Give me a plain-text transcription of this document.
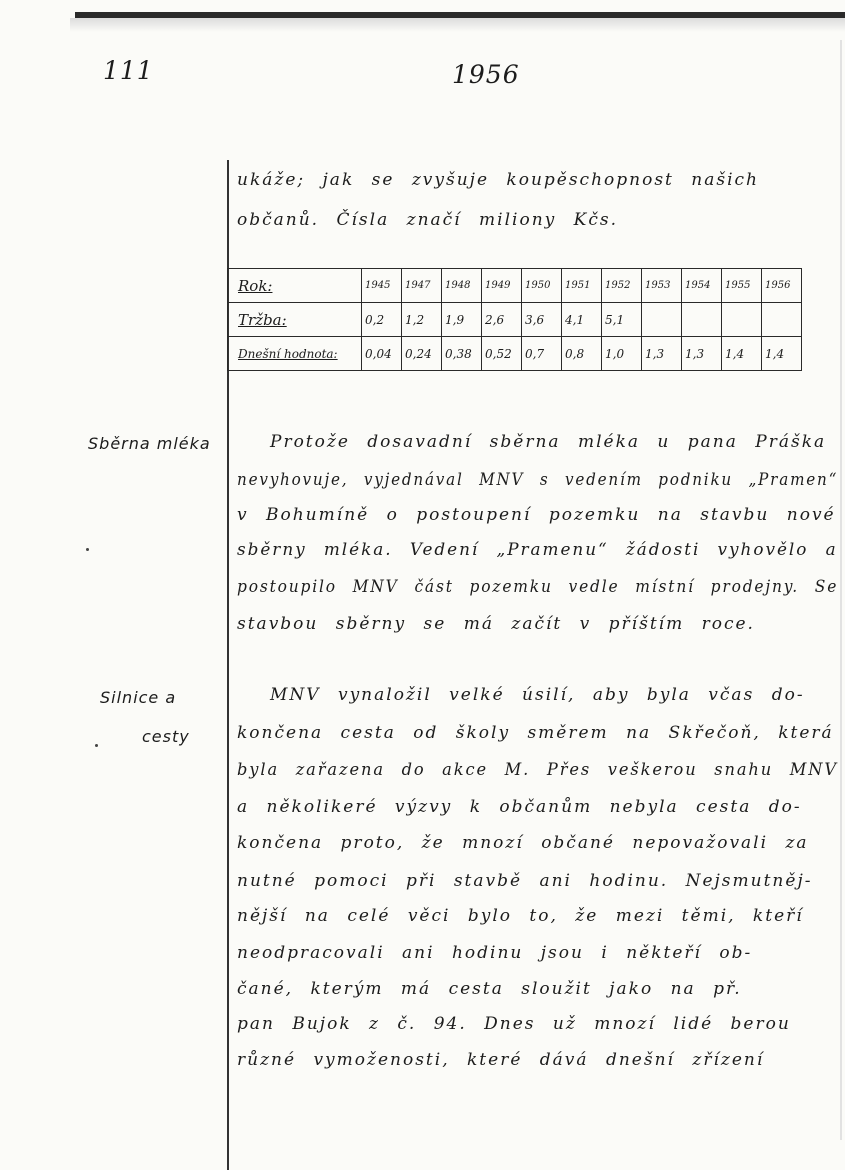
111	1956
ukáže; jak se zvyšuje koupěschopnost našich
občanů. Čísla značí miliony Kčs.
Rok:	1945	1947	1948	1949	1950	1951	1952	1953	1954	1955	1956
Tržba:	0,2	1,2	1,9	2,6	3,6	4,1	5,1				
Dnešní hodnota:	0,04	0,24	0,38	0,52	0,7	0,8	1,0	1,3	1,3	1,4	1,4
Sběrna mléka	Protože dosavadní sběrna mléka u pana Práška
nevyhovuje, vyjednával MNV s vedením podniku „Pramen“
v Bohumíně o postoupení pozemku na stavbu nové
sběrny mléka. Vedení „Pramenu“ žádosti vyhovělo a
postoupilo MNV část pozemku vedle místní prodejny. Se
stavbou sběrny se má začít v příštím roce.
Silnice a
cesty
MNV vynaložil velké úsilí, aby byla včas do-
končena cesta od školy směrem na Skřečoň, která
byla zařazena do akce M. Přes veškerou snahu MNV
a několikeré výzvy k občanům nebyla cesta do-
končena proto, že mnozí občané nepovažovali za
nutné pomoci při stavbě ani hodinu. Nejsmutněj-
nější na celé věci bylo to, že mezi těmi, kteří
neodpracovali ani hodinu jsou i někteří ob-
čané, kterým má cesta sloužit jako na př.
pan Bujok z č. 94. Dnes už mnozí lidé berou
různé vymoženosti, které dává dnešní zřízení
